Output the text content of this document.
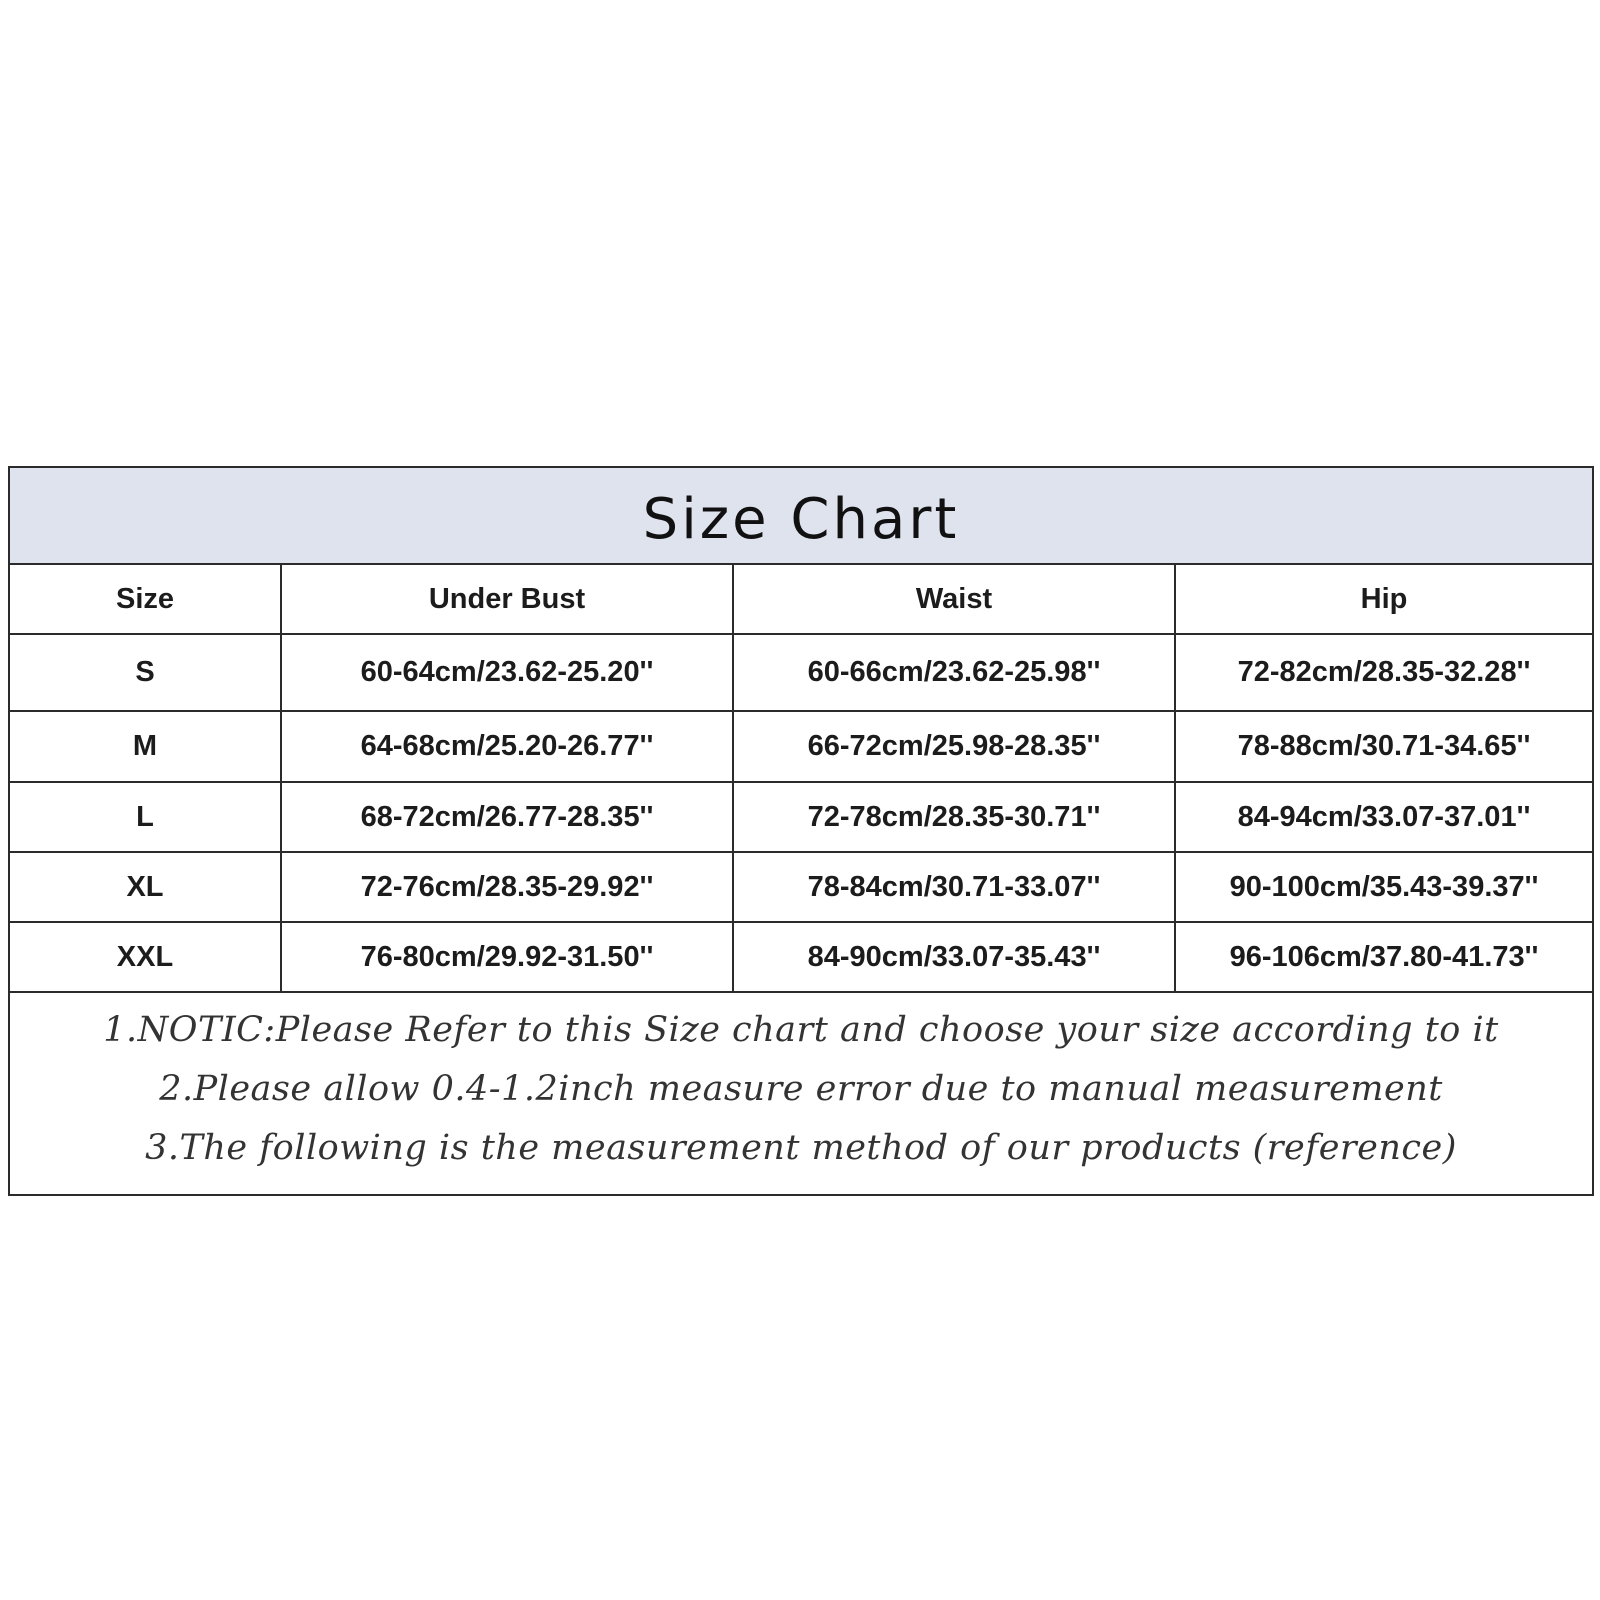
Size Chart
Size	Under Bust	Waist	Hip
S	60-64cm/23.62-25.20''	60-66cm/23.62-25.98''	72-82cm/28.35-32.28''
M	64-68cm/25.20-26.77''	66-72cm/25.98-28.35''	78-88cm/30.71-34.65''
L	68-72cm/26.77-28.35''	72-78cm/28.35-30.71''	84-94cm/33.07-37.01''
XL	72-76cm/28.35-29.92''	78-84cm/30.71-33.07''	90-100cm/35.43-39.37''
XXL	76-80cm/29.92-31.50''	84-90cm/33.07-35.43''	96-106cm/37.80-41.73''
1.NOTIC:Please Refer to this Size chart and choose your size according to it
2.Please allow 0.4-1.2inch measure error due to manual measurement
3.The following is the measurement method of our products (reference)
